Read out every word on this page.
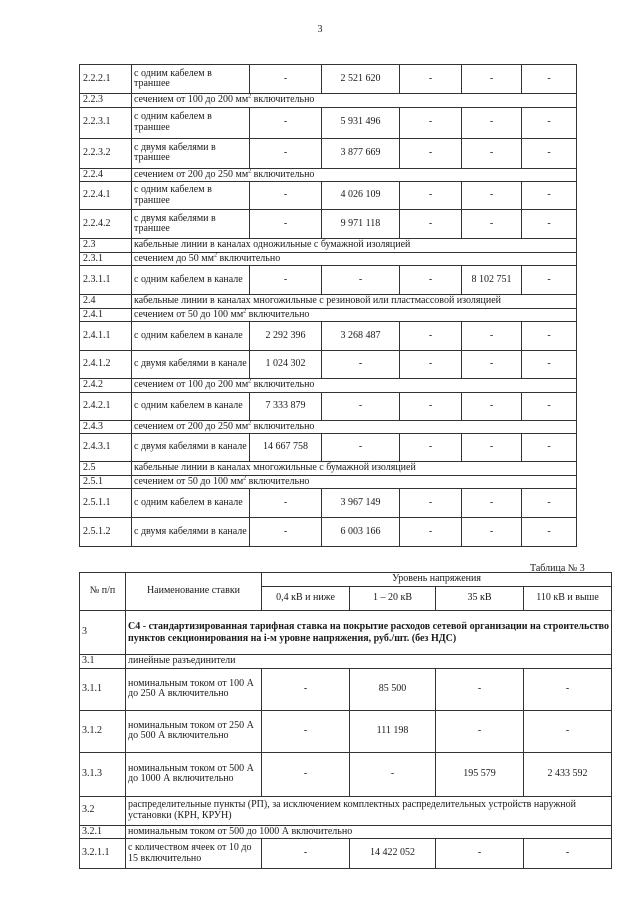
3
2.2.2.1	с одним кабелем в траншее	-	2 521 620	-	-	-
2.2.3	сечением от 100 до 200 $мм^2$ включительно					
2.2.3.1	с одним кабелем в траншее	-	5 931 496	-	-	-
2.2.3.2	с двумя кабелями в траншее	-	3 877 669	-	-	-
2.2.4	сечением от 200 до 250 $мм^2$ включительно					
2.2.4.1	с одним кабелем в траншее	-	4 026 109	-	-	-
2.2.4.2	с двумя кабелями в траншее	-	9 971 118	-	-	-
2.3	кабельные линии в каналах одножильные с бумажной изоляцией					
2.3.1	сечением до 50 $мм^2$ включительно					
2.3.1.1	с одним кабелем в канале	-	-	-	8 102 751	-
2.4	кабельные линии в каналах многожильные с резиновой или пластмассовой изоляцией					
2.4.1	сечением от 50 до 100 $мм^2$ включительно					
2.4.1.1	с одним кабелем в канале	2 292 396	3 268 487	-	-	-
2.4.1.2	с двумя кабелями в канале	1 024 302	-	-	-	-
2.4.2	сечением от 100 до 200 $мм^2$ включительно					
2.4.2.1	с одним кабелем в канале	7 333 879	-	-	-	-
2.4.3	сечением от 200 до 250 $мм^2$ включительно					
2.4.3.1	с двумя кабелями в канале	14 667 758	-	-	-	-
2.5	кабельные линии в каналах многожильные с бумажной изоляцией					
2.5.1	сечением от 50 до 100 $мм^2$ включительно					
2.5.1.1	с одним кабелем в канале	-	3 967 149	-	-	-
2.5.1.2	с двумя кабелями в канале	-	6 003 166	-	-	-
Таблица № 3
№ п/п	Наименование ставки	Уровень напряжения			
		0,4 кВ и ниже	1 – 20 кВ	35 кВ	110 кВ и выше
3	С4 - стандартизированная тарифная ставка на покрытие расходов сетевой организации на строительство пунктов секционирования на i-м уровне напряжения, руб./шт. (без НДС)				
3.1	линейные разъединители				
3.1.1	номинальным током от 100 А до 250 А включительно	-	85 500	-	-
3.1.2	номинальным током от 250 А до 500 А включительно	-	111 198	-	-
3.1.3	номинальным током от 500 А до 1000 А включительно	-	-	195 579	2 433 592
3.2	распределительные пункты (РП), за исключением комплектных распределительных устройств наружной установки (КРН, КРУН)				
3.2.1	номинальным током от 500 до 1000 А включительно				
3.2.1.1	с количеством ячеек от 10 до 15 включительно	-	14 422 052	-	-
